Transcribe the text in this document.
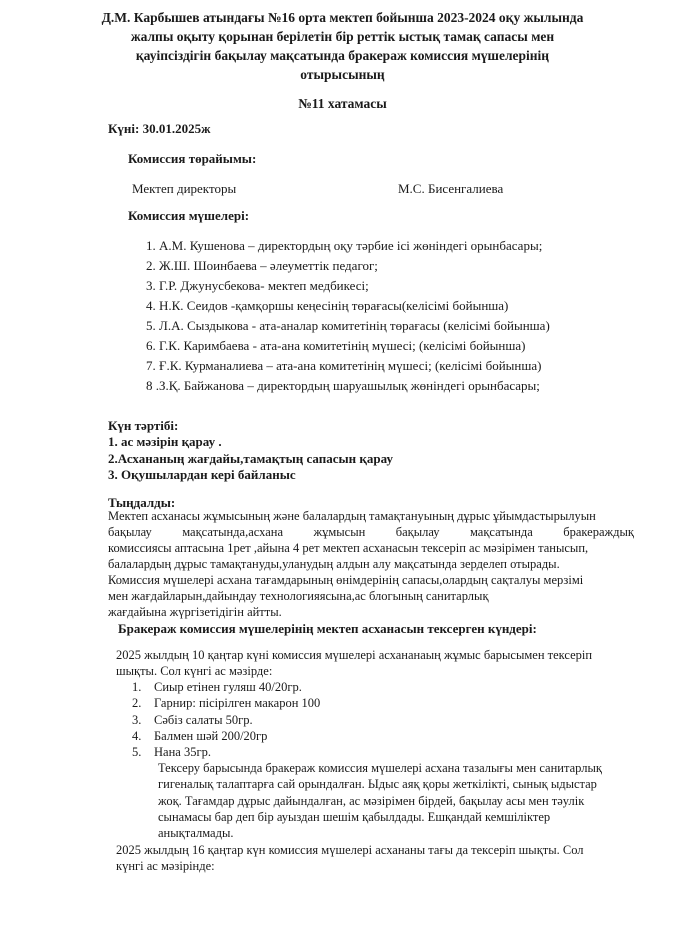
Д.М. Карбышев атындағы №16 орта мектеп бойынша 2023-2024 оқу жылында
жалпы оқыту қорынан берілетін бір реттік ыстық тамақ сапасы мен
қауіпсіздігін бақылау мақсатында бракераж комиссия мүшелерінің
отырысының
№11 хатамасы
Күні: 30.01.2025ж
Комиссия төрайымы:
Мектеп директоры	М.С. Бисенгалиева
Комиссия мүшелері:
1. А.М. Кушенова – директордың оқу тәрбие ісі жөніндегі орынбасары;
2. Ж.Ш. Шоинбаева – әлеуметтік педагог;
3. Г.Р. Джунусбекова- мектеп медбикесі;
4. Н.К. Сеидов -қамқоршы кеңесінің төрағасы(келісімі бойынша)
5. Л.А. Сыздыкова - ата-аналар комитетінің төрағасы (келісімі бойынша)
6. Г.К. Каримбаева - ата-ана комитетінің мүшесі; (келісімі бойынша)
7. Ғ.К. Курманалиева – ата-ана комитетінің мүшесі; (келісімі бойынша)
8 .З.Қ. Байжанова – директордың шаруашылық жөніндегі орынбасары;
Күн тәртібі:
1. ас мәзірін қарау .
2.Асхананың жағдайы,тамақтың сапасын қарау
3. Оқушылардан кері байланыс
Тыңдалды:
Мектеп асханасы жұмысының және балалардың тамақтануының дұрыс ұйымдастырылуын
бақылау мақсатында,асхана жұмысын бақылау мақсатында бракераждық
комиссиясы аптасына 1рет ,айына 4 рет мектеп асханасын тексеріп ас мәзірімен танысып,
балалардың дұрыс тамақтануды,уланудың алдын алу мақсатында зерделеп отырады.
Комиссия мүшелері асхана тағамдарының өнімдерінің сапасы,олардың сақталуы мерзімі
мен жағдайларын,дайындау технологияясына,ас блогының санитарлық
жағдайына жүргізетідігін айтты.
Бракераж комиссия мүшелерінің мектеп асханасын тексерген күндері:
2025 жылдың 10 қаңтар күні комиссия мүшелері асхананаың жұмыс барысымен тексеріп
шықты. Сол күнгі ас мәзірде:
1. Сиыр етінен гуляш 40/20гр.
2. Гарнир: пісірілген макарон 100
3. Сәбіз салаты 50гр.
4. Балмен шәй 200/20гр
5. Нана 35гр.
Тексеру барысында бракераж комиссия мүшелері асхана тазалығы мен санитарлық
гигеналық талаптарға сай орындалған. Ыдыс аяқ қоры жеткілікті, сынық ыдыстар
жоқ. Тағамдар дұрыс дайындалған, ас мәзірімен бірдей, бақылау асы мен тәулік
сынамасы бар деп бір ауыздан шешім қабылдады. Ешқандай кемшіліктер
анықталмады.
2025 жылдың 16 қаңтар күн комиссия мүшелері асхананы тағы да тексеріп шықты. Сол
күнгі ас мәзірінде:
